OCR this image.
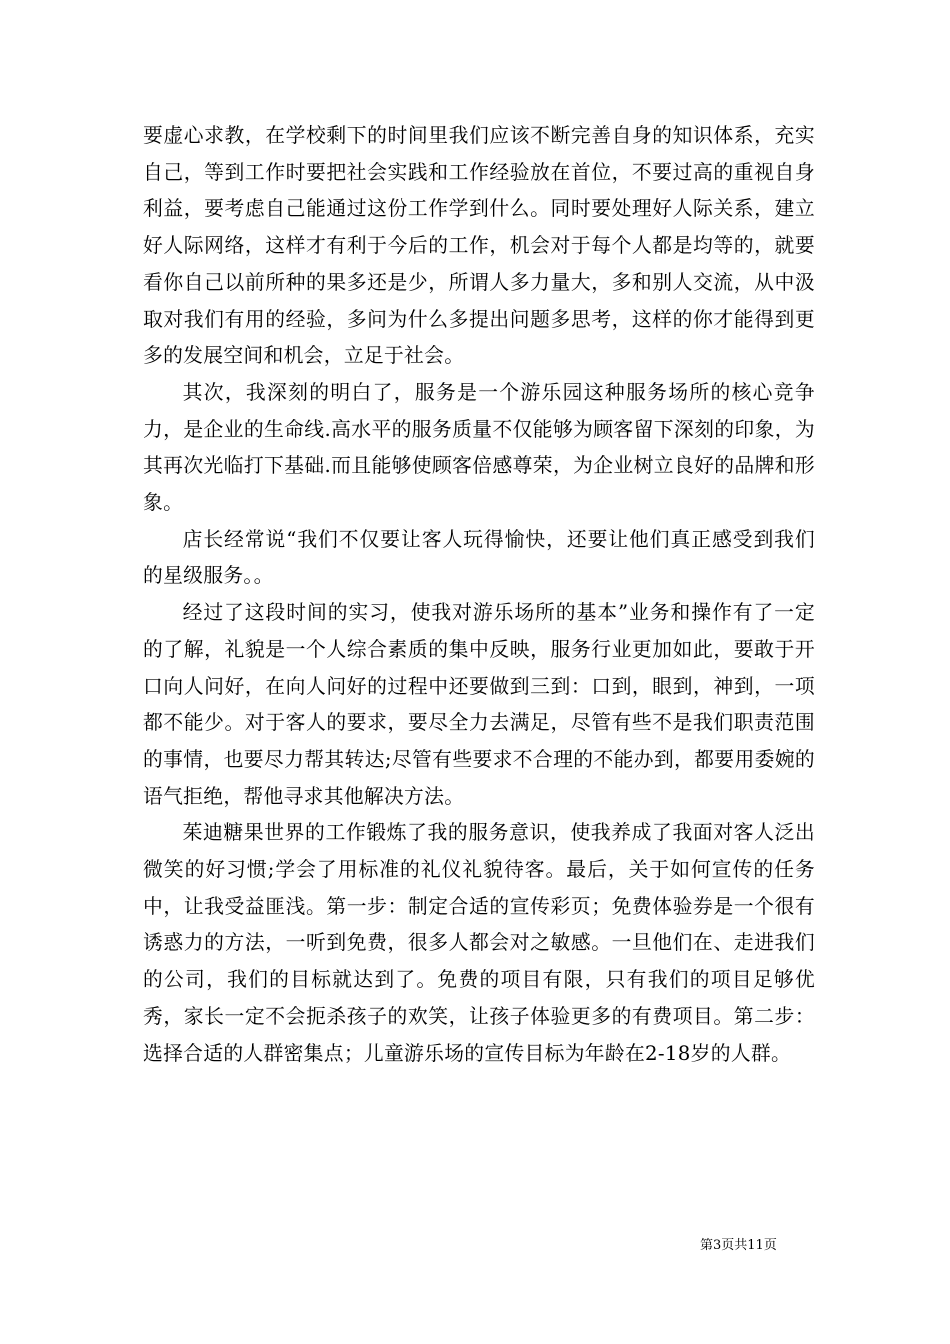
要虚心求教，在学校剩下的时间里我们应该不断完善自身的知识体系，充实自己，等到工作时要把社会实践和工作经验放在首位，不要过高的重视自身利益，要考虑自己能通过这份工作学到什么。同时要处理好人际关系，建立好人际网络，这样才有利于今后的工作，机会对于每个人都是均等的，就要看你自己以前所种的果多还是少，所谓人多力量大，多和别人交流，从中汲取对我们有用的经验，多问为什么多提出问题多思考，这样的你才能得到更多的发展空间和机会，立足于社会。

其次，我深刻的明白了，服务是一个游乐园这种服务场所的核心竞争力，是企业的生命线.高水平的服务质量不仅能够为顾客留下深刻的印象，为其再次光临打下基础.而且能够使顾客倍感尊荣，为企业树立良好的品牌和形象。

店长经常说“我们不仅要让客人玩得愉快，还要让他们真正感受到我们的星级服务。。

经过了这段时间的实习，使我对游乐场所的基本”业务和操作有了一定的了解，礼貌是一个人综合素质的集中反映，服务行业更加如此，要敢于开口向人问好，在向人问好的过程中还要做到三到：口到，眼到，神到，一项都不能少。对于客人的要求，要尽全力去满足，尽管有些不是我们职责范围的事情，也要尽力帮其转达;尽管有些要求不合理的不能办到，都要用委婉的语气拒绝，帮他寻求其他解决方法。

茱迪糖果世界的工作锻炼了我的服务意识，使我养成了我面对客人泛出微笑的好习惯;学会了用标准的礼仪礼貌待客。最后，关于如何宣传的任务中，让我受益匪浅。第一步：制定合适的宣传彩页；免费体验券是一个很有诱惑力的方法，一听到免费，很多人都会对之敏感。一旦他们在、走进我们的公司，我们的目标就达到了。免费的项目有限，只有我们的项目足够优秀，家长一定不会扼杀孩子的欢笑，让孩子体验更多的有费项目。第二步：选择合适的人群密集点；儿童游乐场的宣传目标为年龄在2-18岁的人群。

第3页共11页
